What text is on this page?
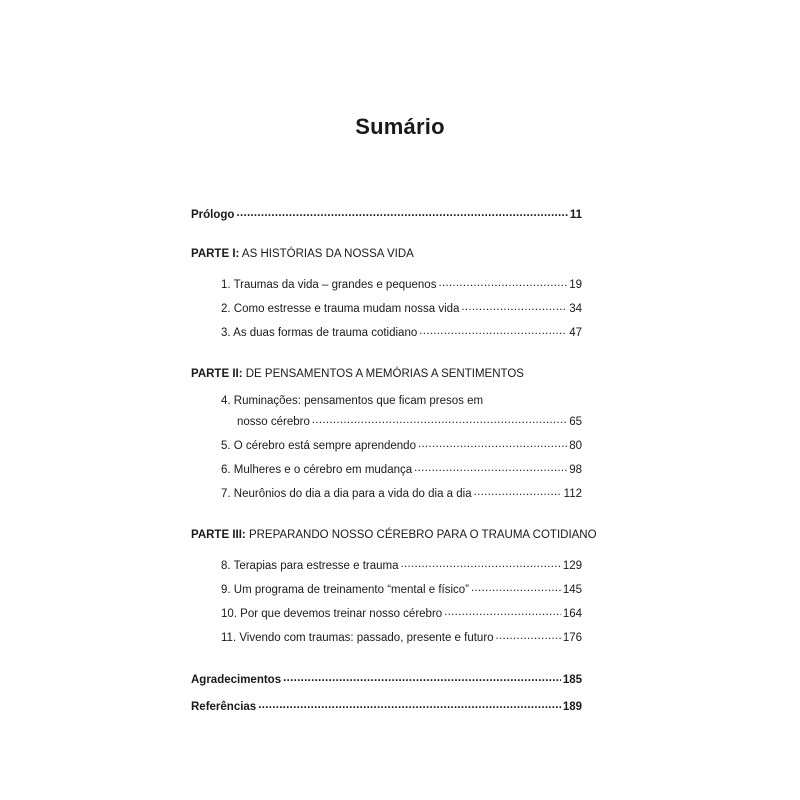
Sumário
Prólogo .....	11
PARTE I: AS HISTÓRIAS DA NOSSA VIDA
1. Traumas da vida – grandes e pequenos .....	19
2. Como estresse e trauma mudam nossa vida .....	34
3. As duas formas de trauma cotidiano .....	47
PARTE II: DE PENSAMENTOS A MEMÓRIAS A SENTIMENTOS
4. Ruminações: pensamentos que ficam presos em
nosso cérebro .....	65
5. O cérebro está sempre aprendendo .....	80
6. Mulheres e o cérebro em mudança .....	98
7. Neurônios do dia a dia para a vida do dia a dia .....	112
PARTE III: PREPARANDO NOSSO CÉREBRO PARA O TRAUMA COTIDIANO
8. Terapias para estresse e trauma .....	129
9. Um programa de treinamento “mental e físico” .....	145
10. Por que devemos treinar nosso cérebro .....	164
11. Vivendo com traumas: passado, presente e futuro .....	176
Agradecimentos .....	185
Referências .....	189
